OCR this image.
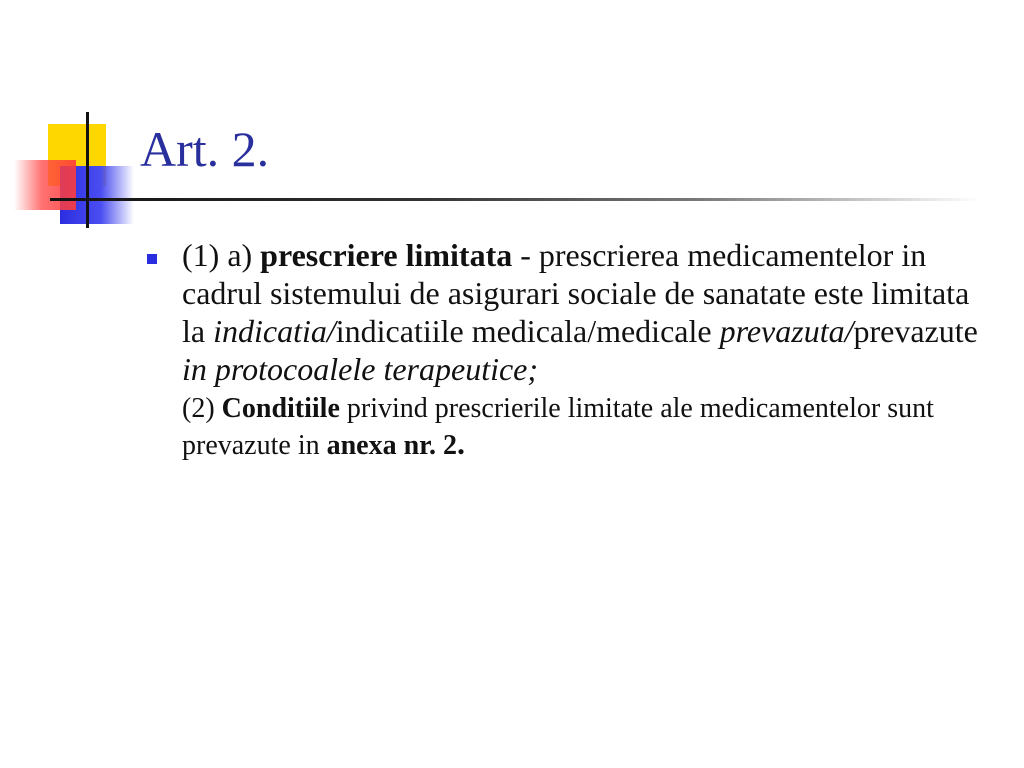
Art. 2.
(1) a) prescriere limitata - prescrierea medicamentelor in cadrul sistemului de asigurari sociale de sanatate este limitata la indicatia/indicatiile medicala/medicale prevazuta/prevazute in protocoalele terapeutice;
(2) Conditiile privind prescrierile limitate ale medicamentelor sunt prevazute in anexa nr. 2.
